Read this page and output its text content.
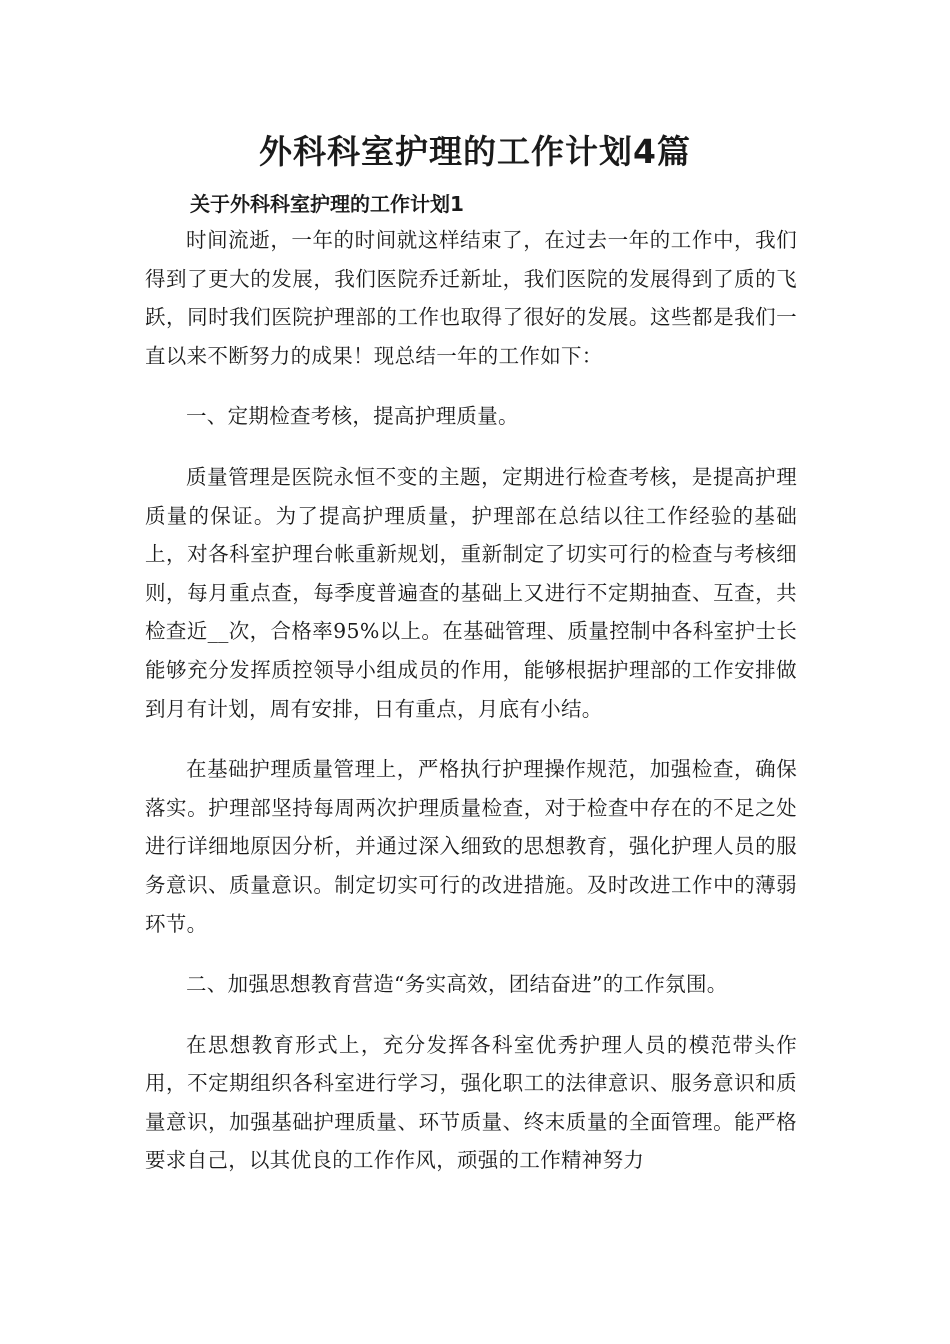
外科科室护理的工作计划4篇
关于外科科室护理的工作计划1

时间流逝，一年的时间就这样结束了，在过去一年的工作中，我们得到了更大的发展，我们医院乔迁新址，我们医院的发展得到了质的飞跃，同时我们医院护理部的工作也取得了很好的发展。这些都是我们一直以来不断努力的成果！现总结一年的工作如下：

一、定期检查考核，提高护理质量。

质量管理是医院永恒不变的主题，定期进行检查考核，是提高护理质量的保证。为了提高护理质量，护理部在总结以往工作经验的基础上，对各科室护理台帐重新规划，重新制定了切实可行的检查与考核细则，每月重点查，每季度普遍查的基础上又进行不定期抽查、互查，共检查近__次，合格率95%以上。在基础管理、质量控制中各科室护士长能够充分发挥质控领导小组成员的作用，能够根据护理部的工作安排做到月有计划，周有安排，日有重点，月底有小结。

在基础护理质量管理上，严格执行护理操作规范，加强检查，确保落实。护理部坚持每周两次护理质量检查，对于检查中存在的不足之处进行详细地原因分析，并通过深入细致的思想教育，强化护理人员的服务意识、质量意识。制定切实可行的改进措施。及时改进工作中的薄弱环节。

二、加强思想教育营造“务实高效，团结奋进”的工作氛围。

在思想教育形式上，充分发挥各科室优秀护理人员的模范带头作用，不定期组织各科室进行学习，强化职工的法律意识、服务意识和质量意识，加强基础护理质量、环节质量、终末质量的全面管理。能严格要求自己，以其优良的工作作风，顽强的工作精神努力
